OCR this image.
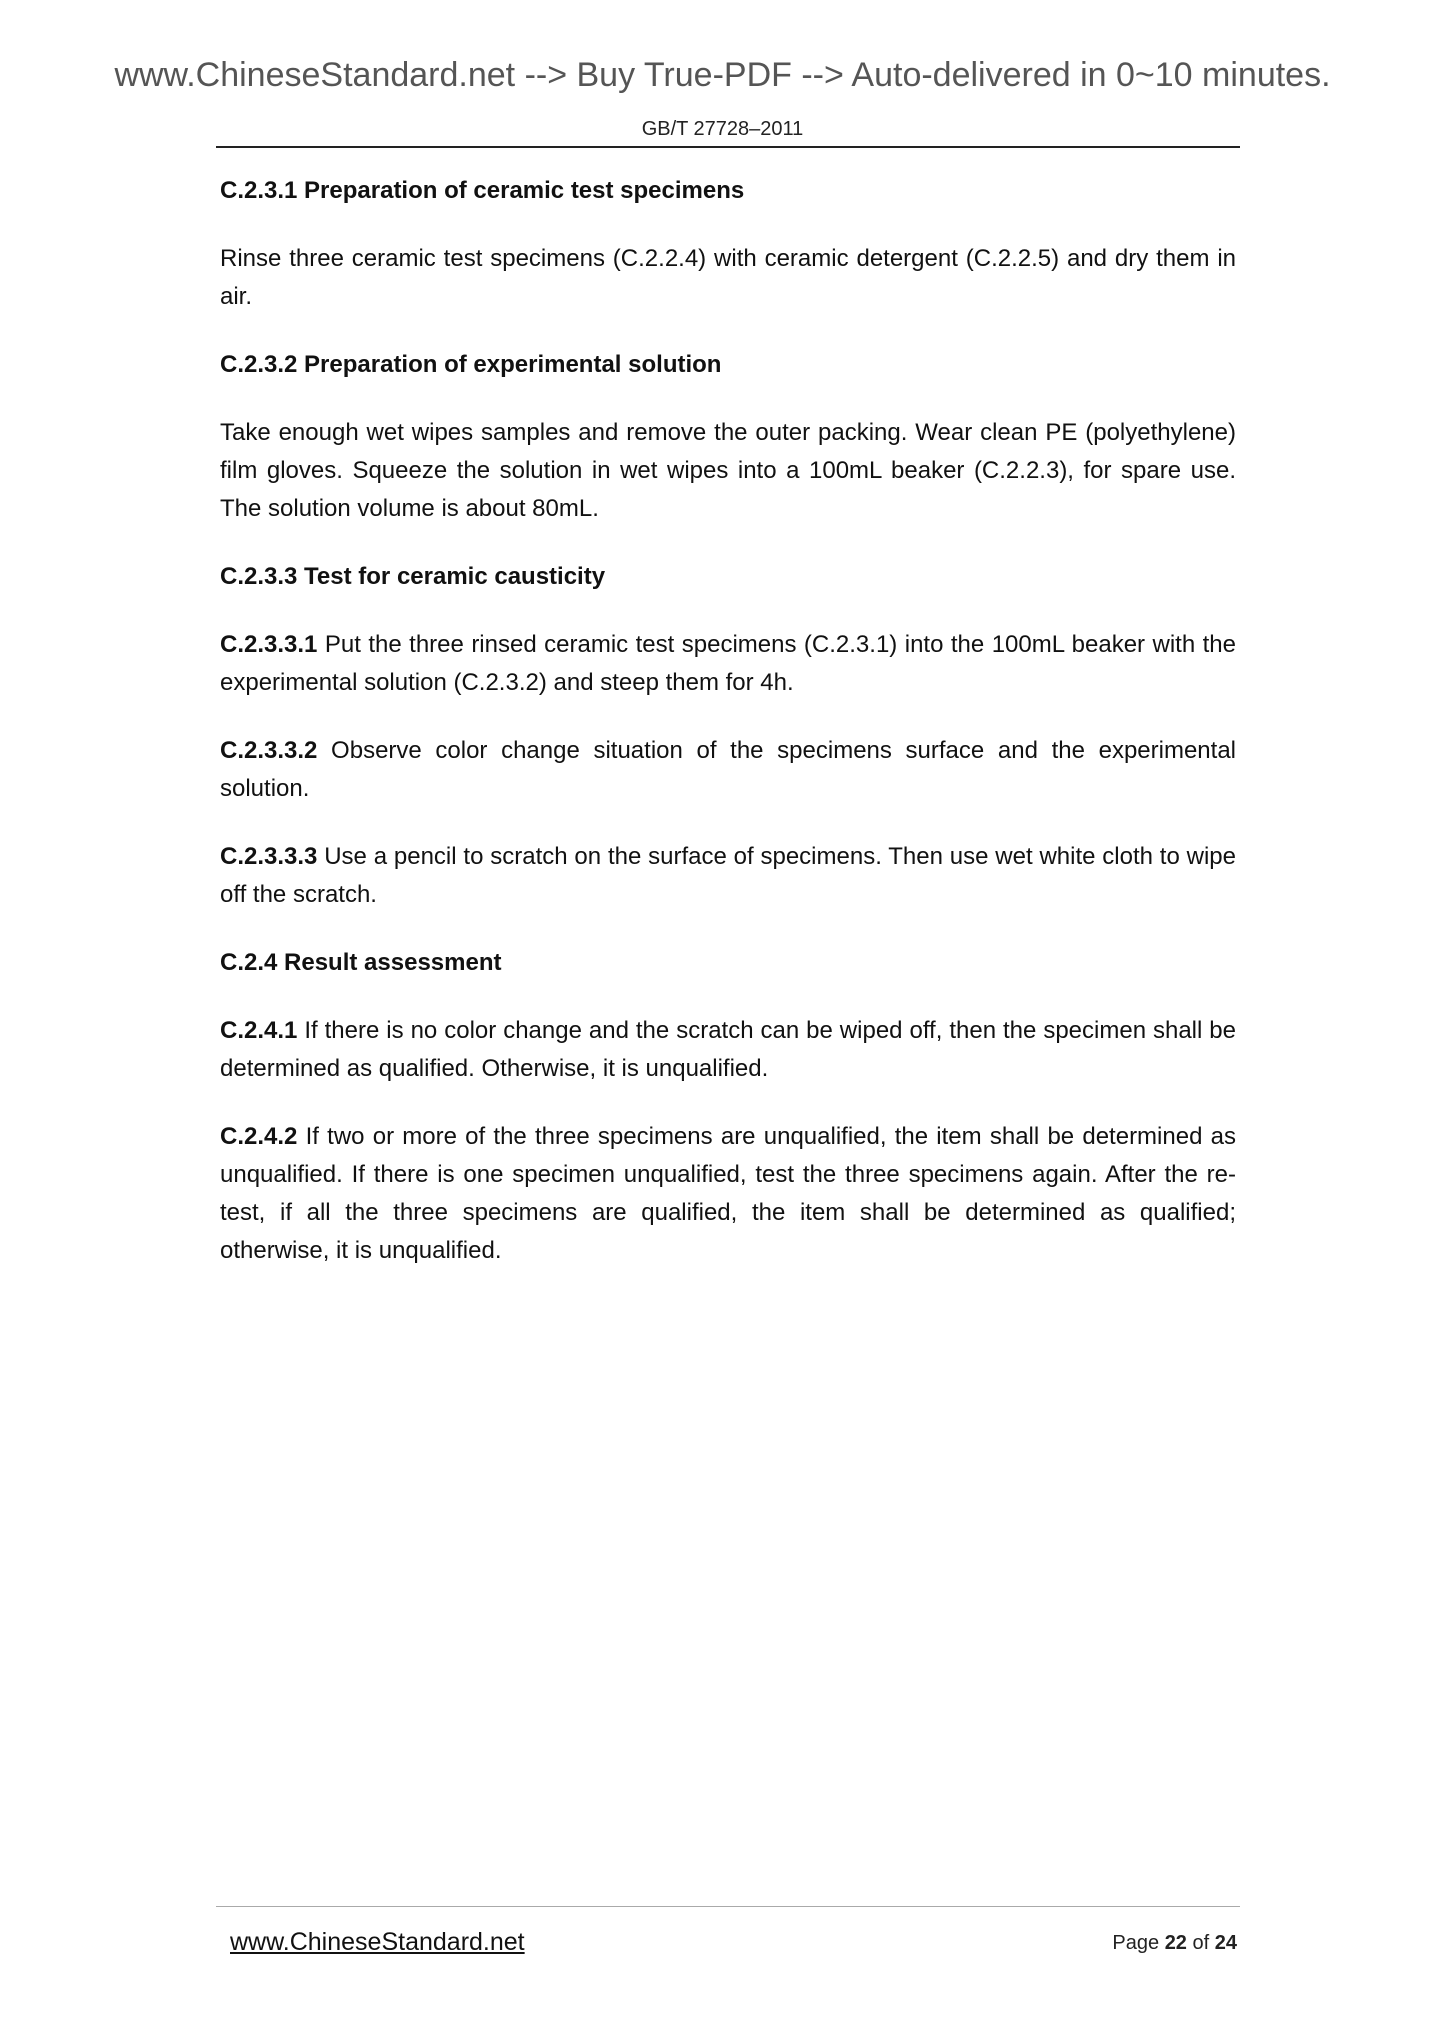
www.ChineseStandard.net --> Buy True-PDF --> Auto-delivered in 0~10 minutes.
GB/T 27728–2011
C.2.3.1 Preparation of ceramic test specimens
Rinse three ceramic test specimens (C.2.2.4) with ceramic detergent (C.2.2.5) and dry them in air.
C.2.3.2 Preparation of experimental solution
Take enough wet wipes samples and remove the outer packing. Wear clean PE (polyethylene) film gloves. Squeeze the solution in wet wipes into a 100mL beaker (C.2.2.3), for spare use. The solution volume is about 80mL.
C.2.3.3 Test for ceramic causticity
C.2.3.3.1 Put the three rinsed ceramic test specimens (C.2.3.1) into the 100mL beaker with the experimental solution (C.2.3.2) and steep them for 4h.
C.2.3.3.2 Observe color change situation of the specimens surface and the experimental solution.
C.2.3.3.3 Use a pencil to scratch on the surface of specimens. Then use wet white cloth to wipe off the scratch.
C.2.4 Result assessment
C.2.4.1 If there is no color change and the scratch can be wiped off, then the specimen shall be determined as qualified. Otherwise, it is unqualified.
C.2.4.2 If two or more of the three specimens are unqualified, the item shall be determined as unqualified. If there is one specimen unqualified, test the three specimens again. After the re-test, if all the three specimens are qualified, the item shall be determined as qualified; otherwise, it is unqualified.
www.ChineseStandard.net	Page 22 of 24
